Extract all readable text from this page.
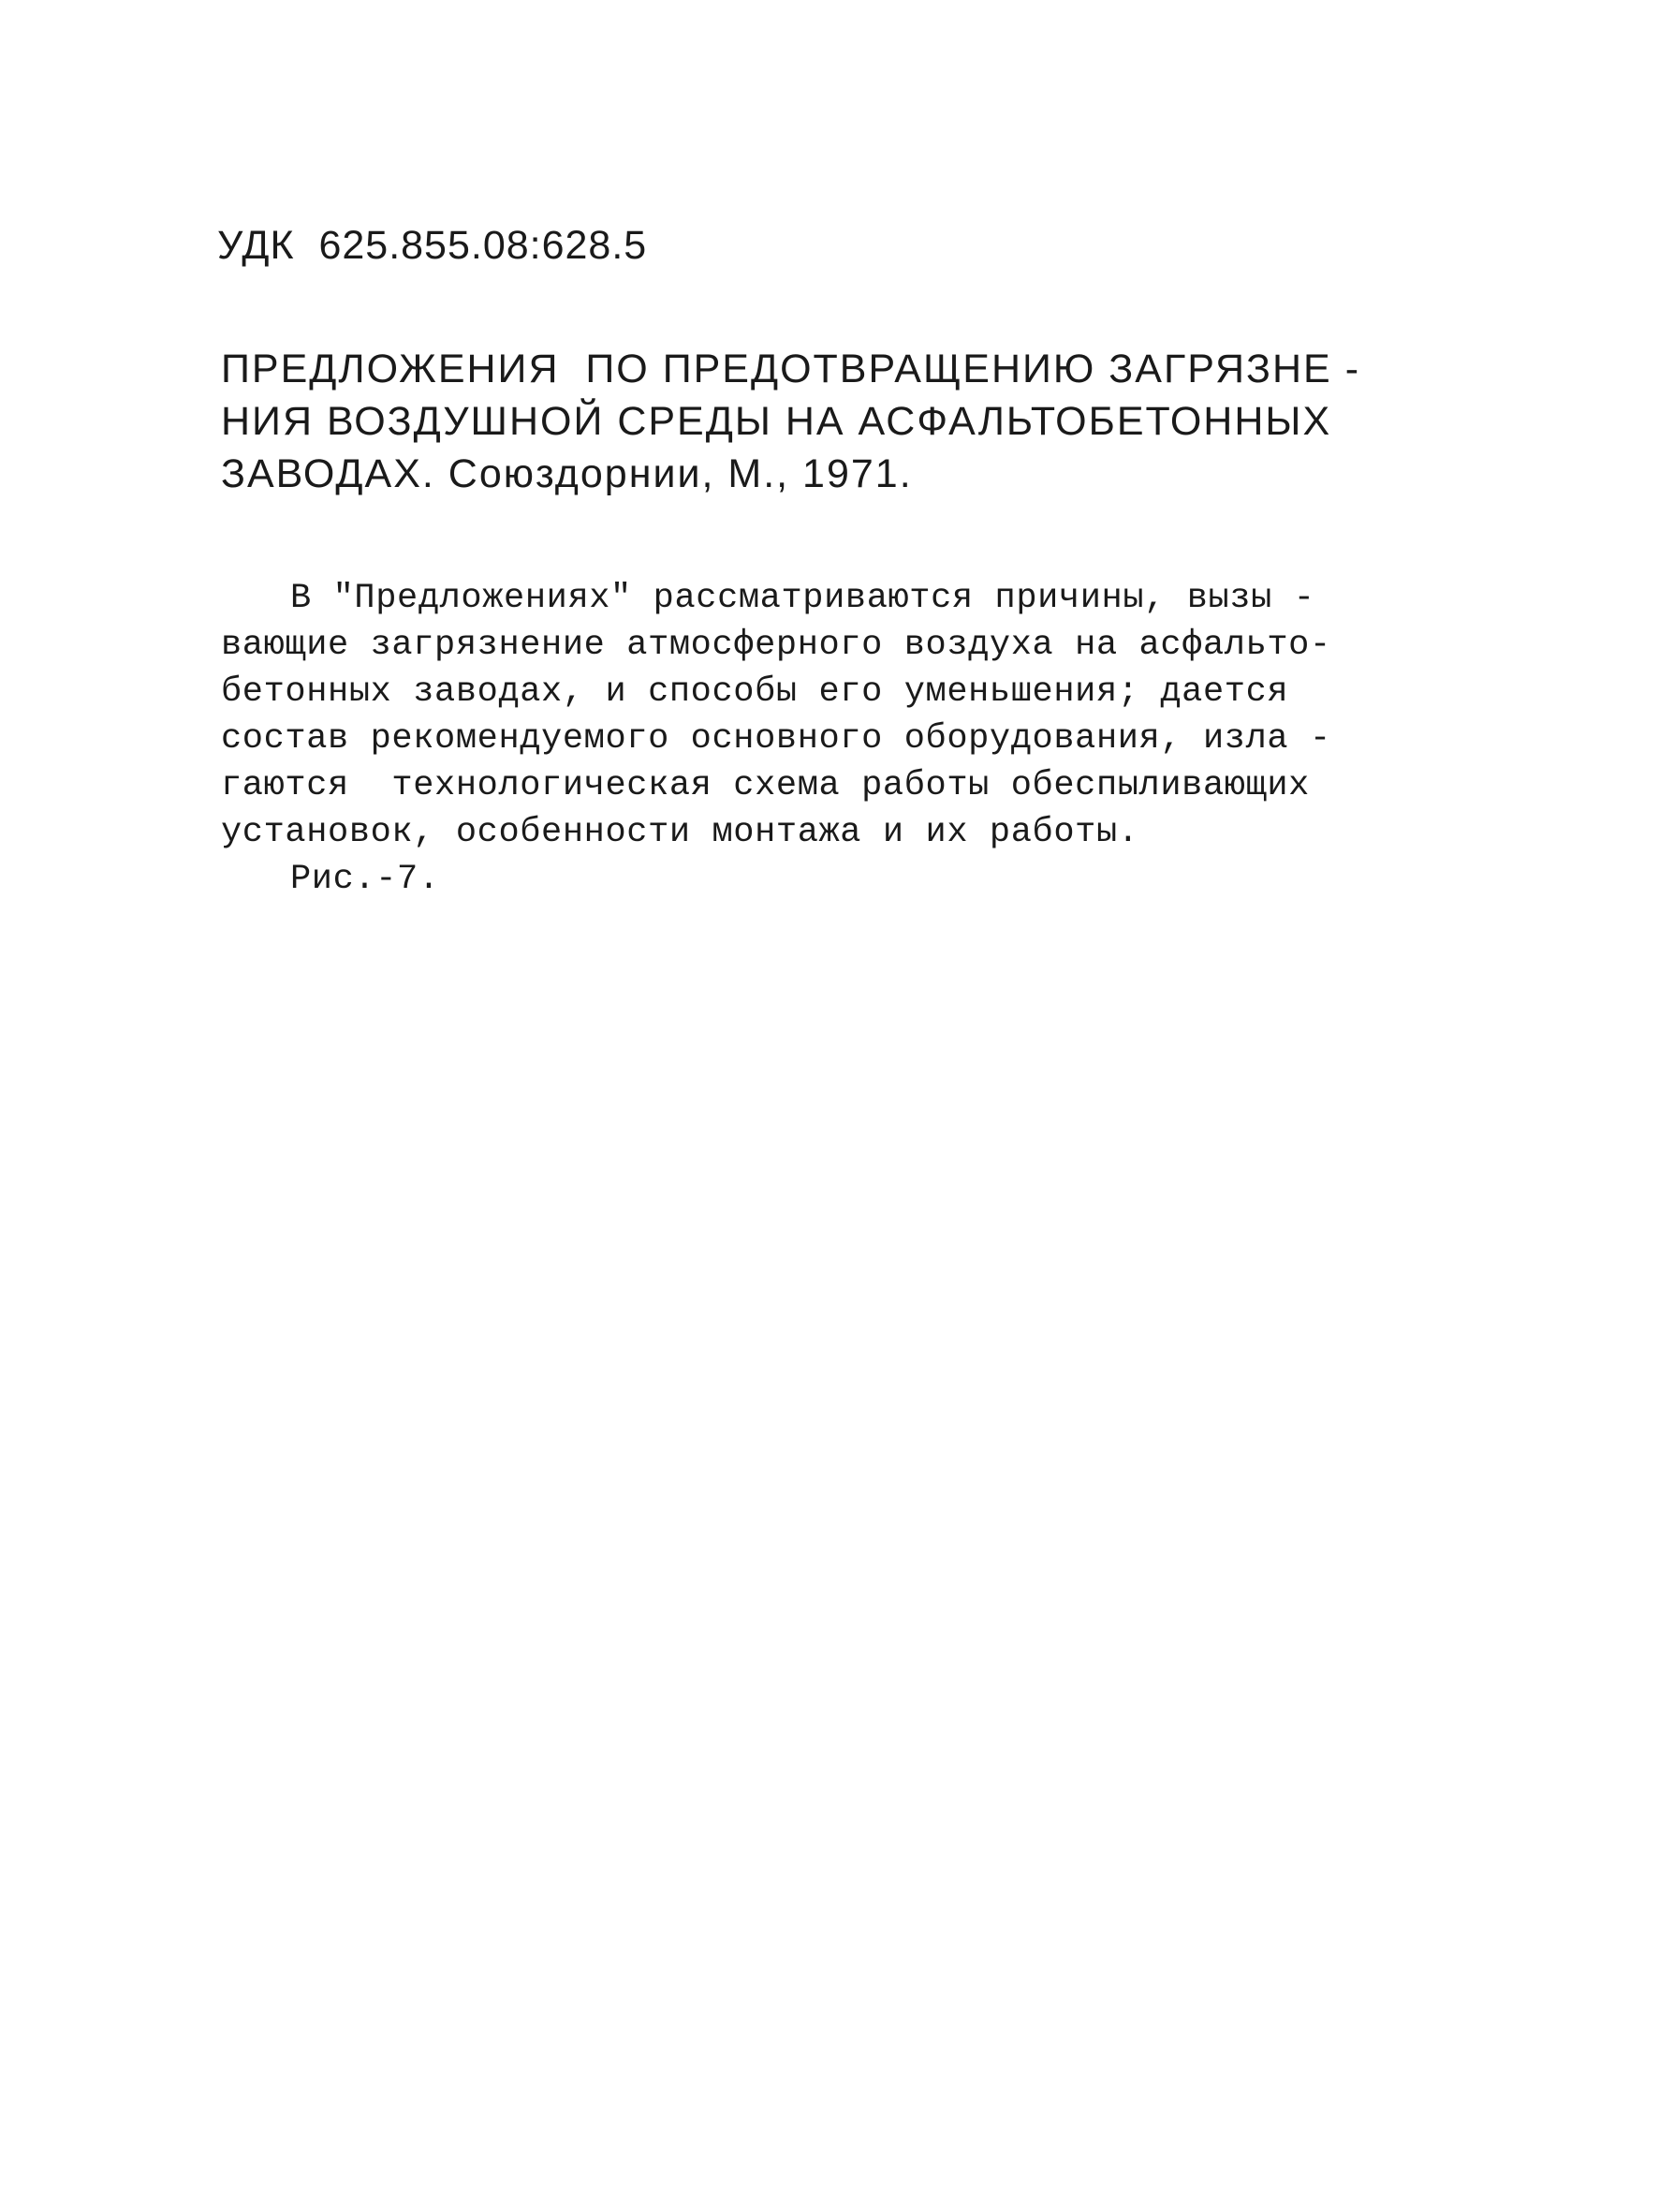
УДК  625.855.08:628.5
ПРЕДЛОЖЕНИЯ  ПО ПРЕДОТВРАЩЕНИЮ ЗАГРЯЗНЕ -
НИЯ ВОЗДУШНОЙ СРЕДЫ НА АСФАЛЬТОБЕТОННЫХ
ЗАВОДАХ. Союздорнии, М., 1971.
В "Предложениях" рассматриваются причины, вызы -
вающие загрязнение атмосферного воздуха на асфальто-
бетонных заводах, и способы его уменьшения; дается
состав рекомендуемого основного оборудования, изла -
гаются  технологическая схема работы обеспыливающих
установок, особенности монтажа и их работы.
Рис.-7.
